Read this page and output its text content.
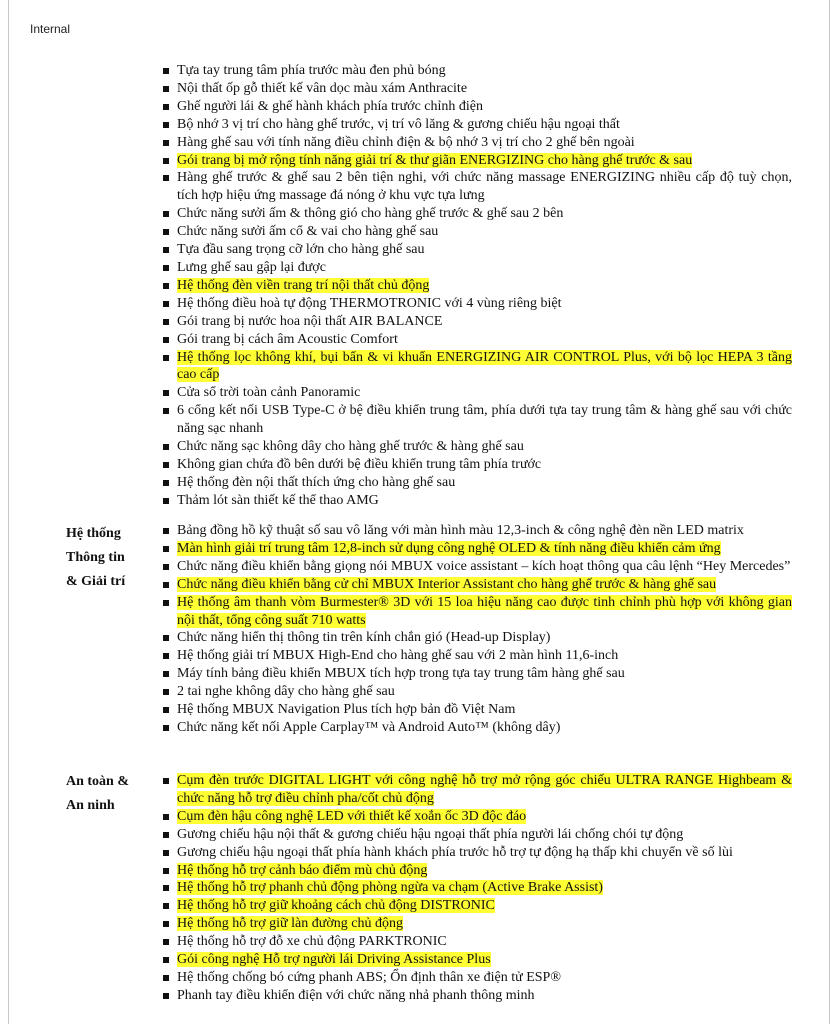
Internal
Tựa tay trung tâm phía trước màu đen phủ bóng
Nội thất ốp gỗ thiết kế vân dọc màu xám Anthracite
Ghế người lái & ghế hành khách phía trước chỉnh điện
Bộ nhớ 3 vị trí cho hàng ghế trước, vị trí vô lăng & gương chiếu hậu ngoại thất
Hàng ghế sau với tính năng điều chỉnh điện & bộ nhớ 3 vị trí cho 2 ghế bên ngoài
Gói trang bị mở rộng tính năng giải trí & thư giãn ENERGIZING cho hàng ghế trước & sau
Hàng ghế trước & ghế sau 2 bên tiện nghi, với chức năng massage ENERGIZING nhiều cấp độ tuỳ chọn, tích hợp hiệu ứng massage đá nóng ở khu vực tựa lưng
Chức năng sưởi ấm & thông gió cho hàng ghế trước & ghế sau 2 bên
Chức năng sưởi ấm cổ & vai cho hàng ghế sau
Tựa đầu sang trọng cỡ lớn cho hàng ghế sau
Lưng ghế sau gập lại được
Hệ thống đèn viền trang trí nội thất chủ động
Hệ thống điều hoà tự động THERMOTRONIC với 4 vùng riêng biệt
Gói trang bị nước hoa nội thất AIR BALANCE
Gói trang bị cách âm Acoustic Comfort
Hệ thống lọc không khí, bụi bẩn & vi khuẩn ENERGIZING AIR CONTROL Plus, với bộ lọc HEPA 3 tầng cao cấp
Cửa sổ trời toàn cảnh Panoramic
6 cổng kết nối USB Type-C ở bệ điều khiển trung tâm, phía dưới tựa tay trung tâm & hàng ghế sau với chức năng sạc nhanh
Chức năng sạc không dây cho hàng ghế trước & hàng ghế sau
Không gian chứa đồ bên dưới bệ điều khiển trung tâm phía trước
Hệ thống đèn nội thất thích ứng cho hàng ghế sau
Thảm lót sàn thiết kế thể thao AMG
Hệ thống
Thông tin
& Giải trí
Bảng đồng hồ kỹ thuật số sau vô lăng với màn hình màu 12,3-inch & công nghệ đèn nền LED matrix
Màn hình giải trí trung tâm 12,8-inch sử dụng công nghệ OLED & tính năng điều khiển cảm ứng
Chức năng điều khiển bằng giọng nói MBUX voice assistant – kích hoạt thông qua câu lệnh “Hey Mercedes”
Chức năng điều khiển bằng cử chỉ MBUX Interior Assistant cho hàng ghế trước & hàng ghế sau
Hệ thống âm thanh vòm Burmester® 3D với 15 loa hiệu năng cao được tinh chỉnh phù hợp với không gian nội thất, tổng công suất 710 watts
Chức năng hiển thị thông tin trên kính chắn gió (Head-up Display)
Hệ thống giải trí MBUX High-End cho hàng ghế sau với 2 màn hình 11,6-inch
Máy tính bảng điều khiển MBUX tích hợp trong tựa tay trung tâm hàng ghế sau
2 tai nghe không dây cho hàng ghế sau
Hệ thống MBUX Navigation Plus tích hợp bản đồ Việt Nam
Chức năng kết nối Apple Carplay™ và Android Auto™ (không dây)
An toàn &
An ninh
Cụm đèn trước DIGITAL LIGHT với công nghệ hỗ trợ mở rộng góc chiếu ULTRA RANGE Highbeam & chức năng hỗ trợ điều chỉnh pha/cốt chủ động
Cụm đèn hậu công nghệ LED với thiết kế xoắn ốc 3D độc đáo
Gương chiếu hậu nội thất & gương chiếu hậu ngoại thất phía người lái chống chói tự động
Gương chiếu hậu ngoại thất phía hành khách phía trước hỗ trợ tự động hạ thấp khi chuyển về số lùi
Hệ thống hỗ trợ cảnh báo điểm mù chủ động
Hệ thống hỗ trợ phanh chủ động phòng ngừa va chạm (Active Brake Assist)
Hệ thống hỗ trợ giữ khoảng cách chủ động DISTRONIC
Hệ thống hỗ trợ giữ làn đường chủ động
Hệ thống hỗ trợ đỗ xe chủ động PARKTRONIC
Gói công nghệ Hỗ trợ người lái Driving Assistance Plus
Hệ thống chống bó cứng phanh ABS; Ổn định thân xe điện tử ESP®
Phanh tay điều khiển điện với chức năng nhả phanh thông minh
